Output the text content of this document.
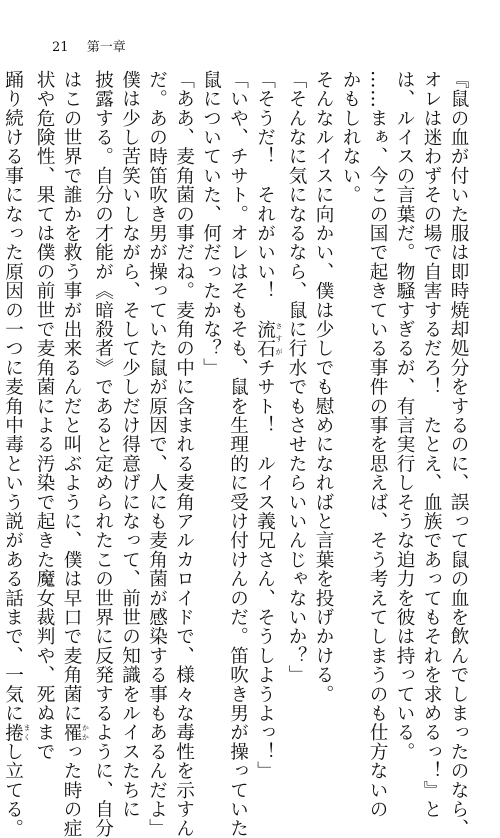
21 第一章
『鼠の血が付いた服は即時焼却処分をするのに、誤って鼠の血を飲んでしまったのなら、
オレは迷わずその場で自害するだろ！　たとえ、血族であってもそれを求めるっ！』と
は、ルイスの言葉だ。物騒すぎるが、有言実行しそうな迫力を彼は持っている。
……まぁ、今この国で起きている事件の事を思えば、そう考えてしまうのも仕方ないの
かもしれない。
そんなルイスに向かい、僕は少しでも慰めになればと言葉を投げかける。
「そんなに気になるなら、鼠に行水でもさせたらいいんじゃないか？」
「そうだ！　それがいい！　流石 さすがチサト！　ルイス義兄さん、そうしようよっ！」
「いや、チサト。オレはそもそも、鼠を生理的に受け付けんのだ。笛吹き男が操っていた
鼠についていた、何だったかな？」
「ああ、麦角菌の事だね。麦角の中に含まれる麦角アルカロイドで、様々な毒性を示すん
だ。あの時笛吹き男が操っていた鼠が原因で、人にも麦角菌が感染する事もあるんだよ」
僕は少し苦笑いしながら、そして少しだけ得意げになって、前世の知識をルイスたちに
披露する。自分の才能が《暗殺者》であると定められたこの世界に反発するように、自分
はこの世界で誰かを救う事が出来るんだと叫ぶように、僕は早口で麦角菌に罹 かかった時の症
状や危険性、果ては僕の前世で麦角菌による汚染で起きた魔女裁判や、死ぬまで
踊り続ける事になった原因の一つに麦角中毒という説がある話まで、一気に捲 まくし立てる。
